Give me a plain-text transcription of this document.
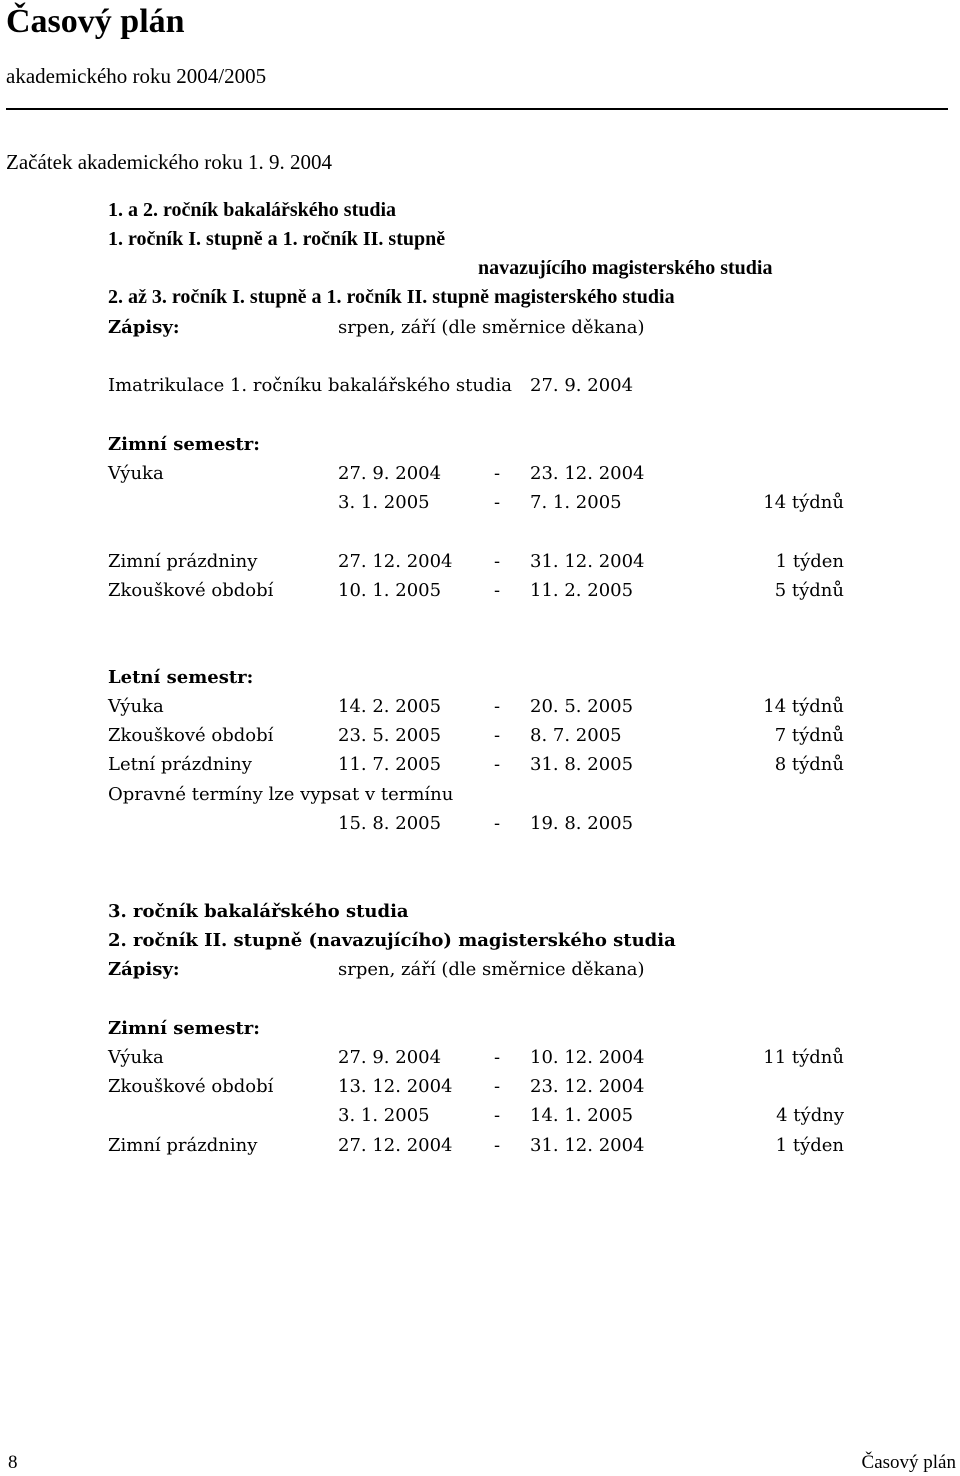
Časový plán
akademického roku 2004/2005
Začátek akademického roku 1. 9. 2004
1. a 2. ročník bakalářského studia
1. ročník I. stupně a 1. ročník II. stupně
navazujícího magisterského studia
2. až 3. ročník I. stupně a 1. ročník II. stupně magisterského studia
Zápisy:	srpen, září (dle směrnice děkana)
Imatrikulace 1. ročníku bakalářského studia 27. 9. 2004
Zimní semestr:
Výuka	27. 9. 2004	- 23. 12. 2004
3. 1. 2005	- 7. 1. 2005	14 týdnů
Zimní prázdniny	27. 12. 2004 - 31. 12. 2004	1 týden
Zkouškové období	10. 1. 2005	- 11. 2. 2005	5 týdnů
Letní semestr:
Výuka	14. 2. 2005	- 20. 5. 2005	14 týdnů
Zkouškové období	23. 5. 2005	- 8. 7. 2005	7 týdnů
Letní prázdniny	11. 7. 2005	- 31. 8. 2005	8 týdnů
Opravné termíny lze vypsat v termínu
15. 8. 2005	- 19. 8. 2005
3. ročník bakalářského studia
2. ročník II. stupně (navazujícího) magisterského studia
Zápisy:	srpen, září (dle směrnice děkana)
Zimní semestr:
Výuka	27. 9. 2004	- 10. 12. 2004	11 týdnů
Zkouškové období	13. 12. 2004 - 23. 12. 2004
3. 1. 2005	- 14. 1. 2005	4 týdny
Zimní prázdniny	27. 12. 2004 - 31. 12. 2004	1 týden
8	Časový plán
